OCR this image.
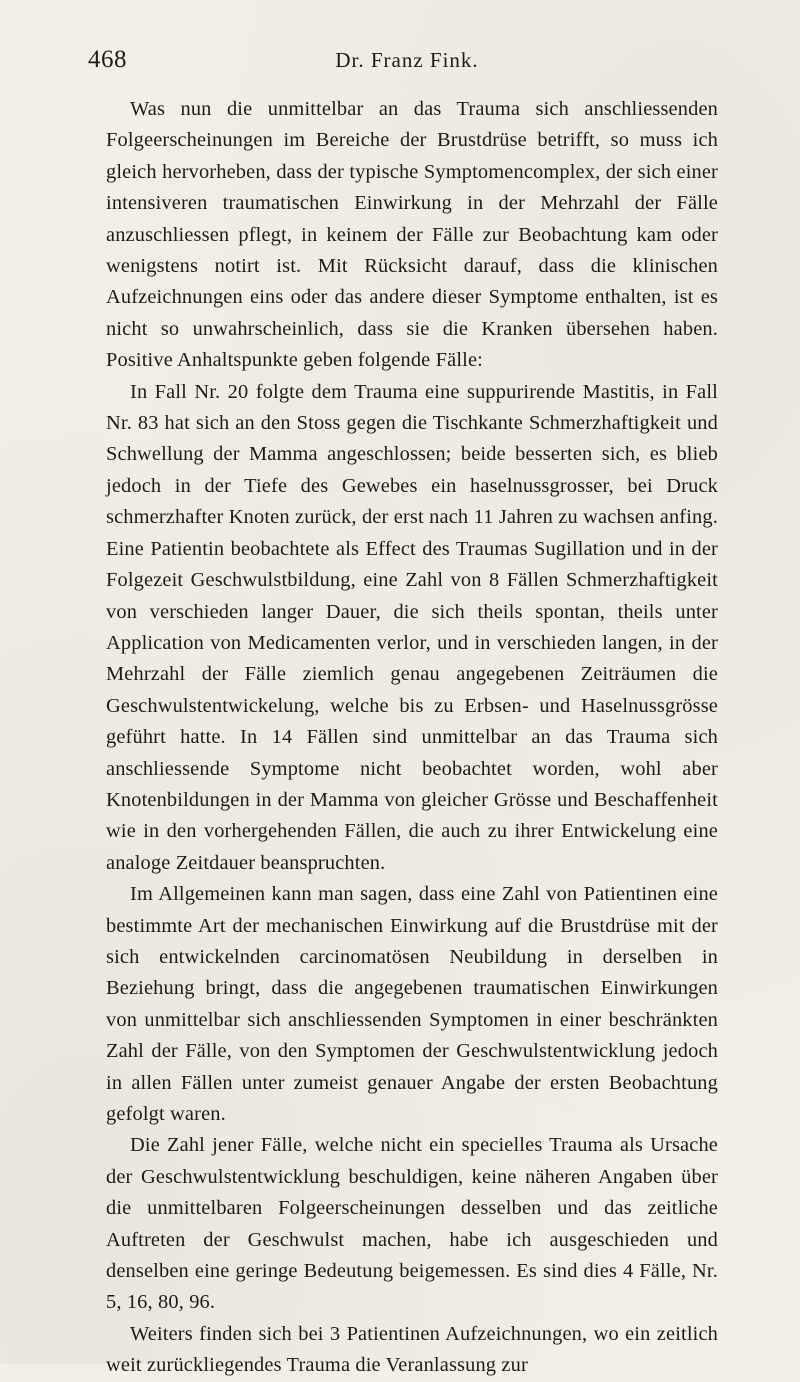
468	Dr. Franz Fink.

Was nun die unmittelbar an das Trauma sich anschliessenden Folgeerscheinungen im Bereiche der Brustdrüse betrifft, so muss ich gleich hervorheben, dass der typische Symptomencomplex, der sich einer intensiveren traumatischen Einwirkung in der Mehrzahl der Fälle anzuschliessen pflegt, in keinem der Fälle zur Beobachtung kam oder wenigstens notirt ist. Mit Rücksicht darauf, dass die klinischen Aufzeichnungen eins oder das andere dieser Symptome enthalten, ist es nicht so unwahrscheinlich, dass sie die Kranken übersehen haben. Positive Anhaltspunkte geben folgende Fälle:

In Fall Nr. 20 folgte dem Trauma eine suppurirende Mastitis, in Fall Nr. 83 hat sich an den Stoss gegen die Tischkante Schmerzhaftigkeit und Schwellung der Mamma angeschlossen; beide besserten sich, es blieb jedoch in der Tiefe des Gewebes ein haselnussgrosser, bei Druck schmerzhafter Knoten zurück, der erst nach 11 Jahren zu wachsen anfing. Eine Patientin beobachtete als Effect des Traumas Sugillation und in der Folgezeit Geschwulstbildung, eine Zahl von 8 Fällen Schmerzhaftigkeit von verschieden langer Dauer, die sich theils spontan, theils unter Application von Medicamenten verlor, und in verschieden langen, in der Mehrzahl der Fälle ziemlich genau angegebenen Zeiträumen die Geschwulstentwickelung, welche bis zu Erbsen- und Haselnussgrösse geführt hatte. In 14 Fällen sind unmittelbar an das Trauma sich anschliessende Symptome nicht beobachtet worden, wohl aber Knotenbildungen in der Mamma von gleicher Grösse und Beschaffenheit wie in den vorhergehenden Fällen, die auch zu ihrer Entwickelung eine analoge Zeitdauer beanspruchten.

Im Allgemeinen kann man sagen, dass eine Zahl von Patientinen eine bestimmte Art der mechanischen Einwirkung auf die Brustdrüse mit der sich entwickelnden carcinomatösen Neubildung in derselben in Beziehung bringt, dass die angegebenen traumatischen Einwirkungen von unmittelbar sich anschliessenden Symptomen in einer beschränkten Zahl der Fälle, von den Symptomen der Geschwulstentwicklung jedoch in allen Fällen unter zumeist genauer Angabe der ersten Beobachtung gefolgt waren.

Die Zahl jener Fälle, welche nicht ein specielles Trauma als Ursache der Geschwulstentwicklung beschuldigen, keine näheren Angaben über die unmittelbaren Folgeerscheinungen desselben und das zeitliche Auftreten der Geschwulst machen, habe ich ausgeschieden und denselben eine geringe Bedeutung beigemessen. Es sind dies 4 Fälle, Nr. 5, 16, 80, 96.

Weiters finden sich bei 3 Patientinen Aufzeichnungen, wo ein zeitlich weit zurückliegendes Trauma die Veranlassung zur
